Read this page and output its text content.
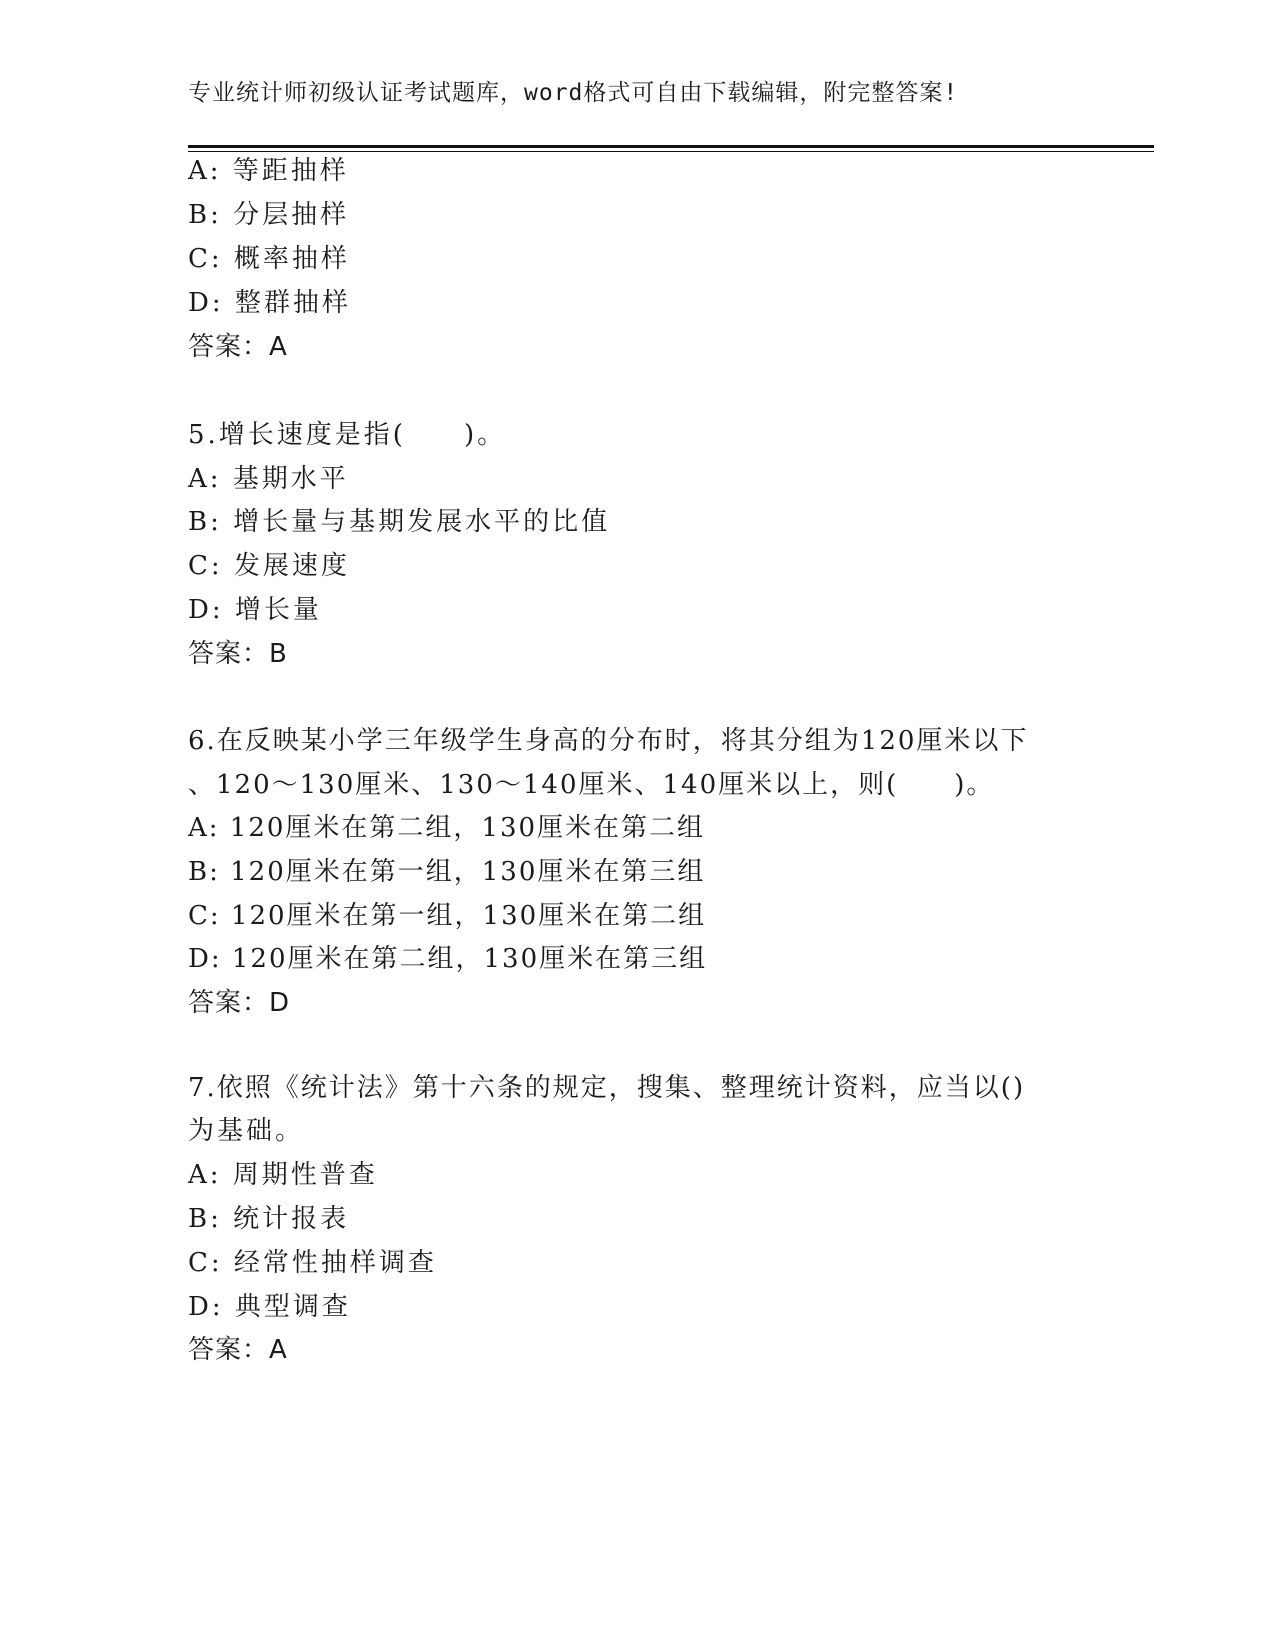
专业统计师初级认证考试题库，word格式可自由下载编辑，附完整答案!
A: 等距抽样
B: 分层抽样
C: 概率抽样
D: 整群抽样
答案：A
5.增长速度是指(　　)。
A: 基期水平
B: 增长量与基期发展水平的比值
C: 发展速度
D: 增长量
答案：B
6.在反映某小学三年级学生身高的分布时，将其分组为120厘米以下
、120～130厘米、130～140厘米、140厘米以上，则(　　)。
A: 120厘米在第二组，130厘米在第二组
B: 120厘米在第一组，130厘米在第三组
C: 120厘米在第一组，130厘米在第二组
D: 120厘米在第二组，130厘米在第三组
答案：D
7.依照《统计法》第十六条的规定，搜集、整理统计资料，应当以()
为基础。
A: 周期性普查
B: 统计报表
C: 经常性抽样调查
D: 典型调查
答案：A
